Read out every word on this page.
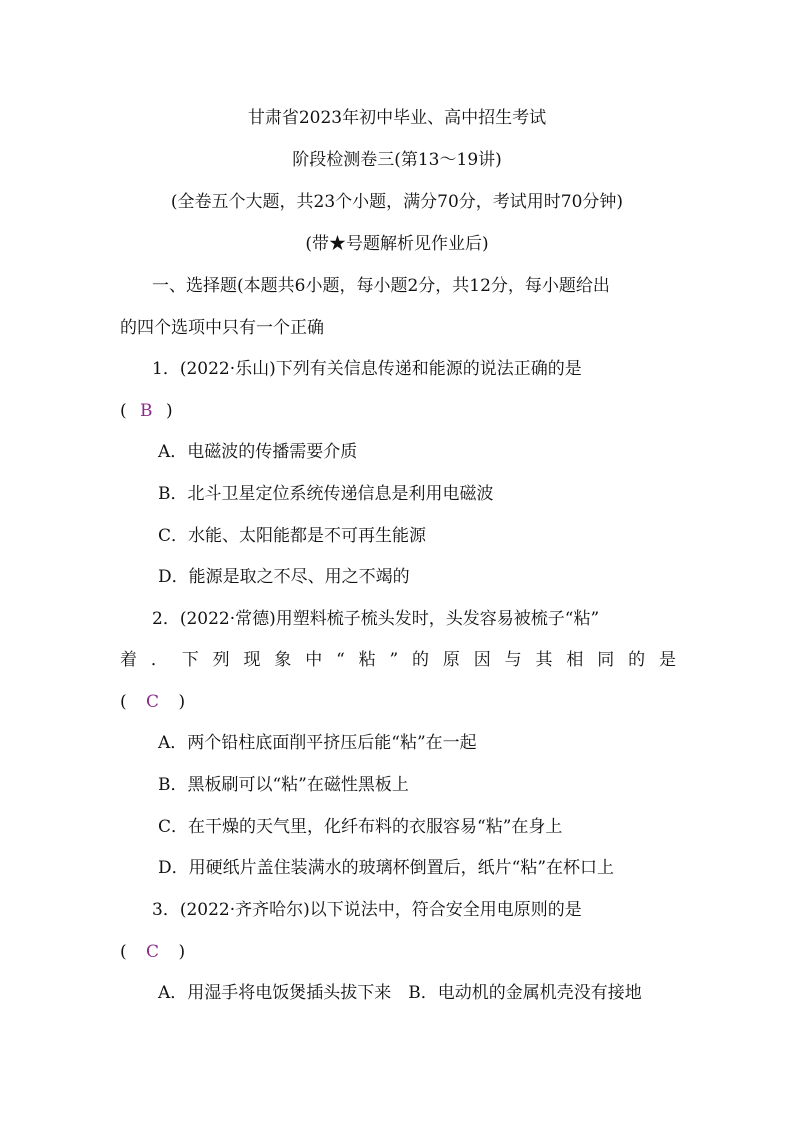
甘肃省2023年初中毕业、高中招生考试
阶段检测卷三(第13～19讲)
(全卷五个大题，共23个小题，满分70分，考试用时70分钟)
(带★号题解析见作业后)
一、选择题(本题共6小题，每小题2分，共12分，每小题给出
的四个选项中只有一个正确
1．(2022·乐山)下列有关信息传递和能源的说法正确的是
( B )
A．电磁波的传播需要介质
B．北斗卫星定位系统传递信息是利用电磁波
C．水能、太阳能都是不可再生能源
D．能源是取之不尽、用之不竭的
2．(2022·常德)用塑料梳子梳头发时，头发容易被梳子“粘”
着．下列现象中“粘”的原因与其相同的是
( C )
A．两个铅柱底面削平挤压后能“粘”在一起
B．黑板刷可以“粘”在磁性黑板上
C．在干燥的天气里，化纤布料的衣服容易“粘”在身上
D．用硬纸片盖住装满水的玻璃杯倒置后，纸片“粘”在杯口上
3．(2022·齐齐哈尔)以下说法中，符合安全用电原则的是
( C )
A．用湿手将电饭煲插头拔下来　B．电动机的金属机壳没有接地
